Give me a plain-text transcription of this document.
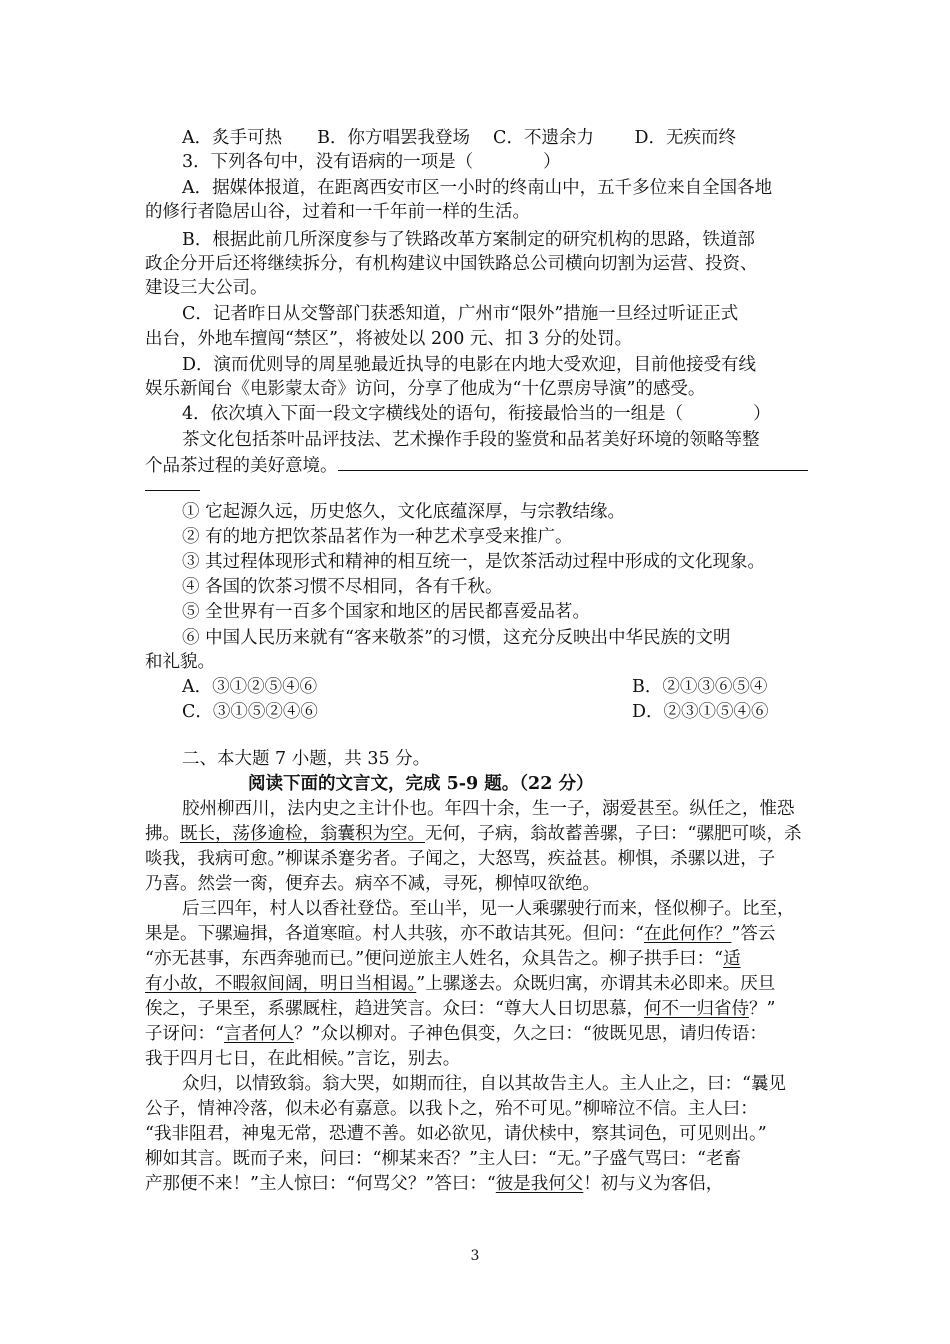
A．炙手可热　　B．你方唱罢我登场　 C．不遗余力　　 D．无疾而终
3．下列各句中，没有语病的一项是（　　　　）
A．据媒体报道，在距离西安市区一小时的终南山中，五千多位来自全国各地
的修行者隐居山谷，过着和一千年前一样的生活。
B．根据此前几所深度参与了铁路改革方案制定的研究机构的思路，铁道部
政企分开后还将继续拆分，有机构建议中国铁路总公司横向切割为运营、投资、
建设三大公司。
C．记者昨日从交警部门获悉知道，广州市“限外”措施一旦经过听证正式
出台，外地车擅闯“禁区”，将被处以 200 元、扣 3 分的处罚。
D．演而优则导的周星驰最近执导的电影在内地大受欢迎，目前他接受有线
娱乐新闻台《电影蒙太奇》访问，分享了他成为“十亿票房导演”的感受。
4．依次填入下面一段文字横线处的语句，衔接最恰当的一组是（　　　　）
茶文化包括茶叶品评技法、艺术操作手段的鉴赏和品茗美好环境的领略等整
个品茶过程的美好意境。
① 它起源久远，历史悠久，文化底蕴深厚，与宗教结缘。
② 有的地方把饮茶品茗作为一种艺术享受来推广。
③ 其过程体现形式和精神的相互统一，是饮茶活动过程中形成的文化现象。
④ 各国的饮茶习惯不尽相同，各有千秋。
⑤ 全世界有一百多个国家和地区的居民都喜爱品茗。
⑥ 中国人民历来就有“客来敬茶”的习惯，这充分反映出中华民族的文明
和礼貌。
A．③①②⑤④⑥	B．②①③⑥⑤④
C．③①⑤②④⑥	D．②③①⑤④⑥
二、本大题 7 小题，共 35 分。
阅读下面的文言文，完成 5-9 题。（22 分）
胶州柳西川，法内史之主计仆也。年四十余，生一子，溺爱甚至。纵任之，惟恐
拂。既长，荡侈逾检，翁囊积为空。无何，子病，翁故蓄善骡，子曰：“骡肥可啖，杀
啖我，我病可愈。”柳谋杀蹇劣者。子闻之，大怒骂，疾益甚。柳惧，杀骡以进，子
乃喜。然尝一脔，便弃去。病卒不减，寻死，柳悼叹欲绝。
后三四年，村人以香社登岱。至山半，见一人乘骡驶行而来，怪似柳子。比至，
果是。下骡遍揖，各道寒暄。村人共骇，亦不敢诘其死。但问：“在此何作？”答云
“亦无甚事，东西奔驰而已。”便问逆旅主人姓名，众具告之。柳子拱手曰：“适
有小故，不暇叙间阔，明日当相谒。”上骡遂去。众既归寓，亦谓其未必即来。厌旦
俟之，子果至，系骡厩柱，趋进笑言。众曰：“尊大人日切思慕，何不一归省侍？”
子讶问：“言者何人？”众以柳对。子神色俱变，久之曰：“彼既见思，请归传语：
我于四月七日，在此相候。”言讫，别去。
众归，以情致翁。翁大哭，如期而往，自以其故告主人。主人止之，曰：“曩见
公子，情神冷落，似未必有嘉意。以我卜之，殆不可见。”柳啼泣不信。主人曰：
“我非阻君，神鬼无常，恐遭不善。如必欲见，请伏椟中，察其词色，可见则出。”
柳如其言。既而子来，问曰：“柳某来否？”主人曰：“无。”子盛气骂曰：“老畜
产那便不来！”主人惊曰：“何骂父？”答曰：“彼是我何父！初与义为客侣，
3
